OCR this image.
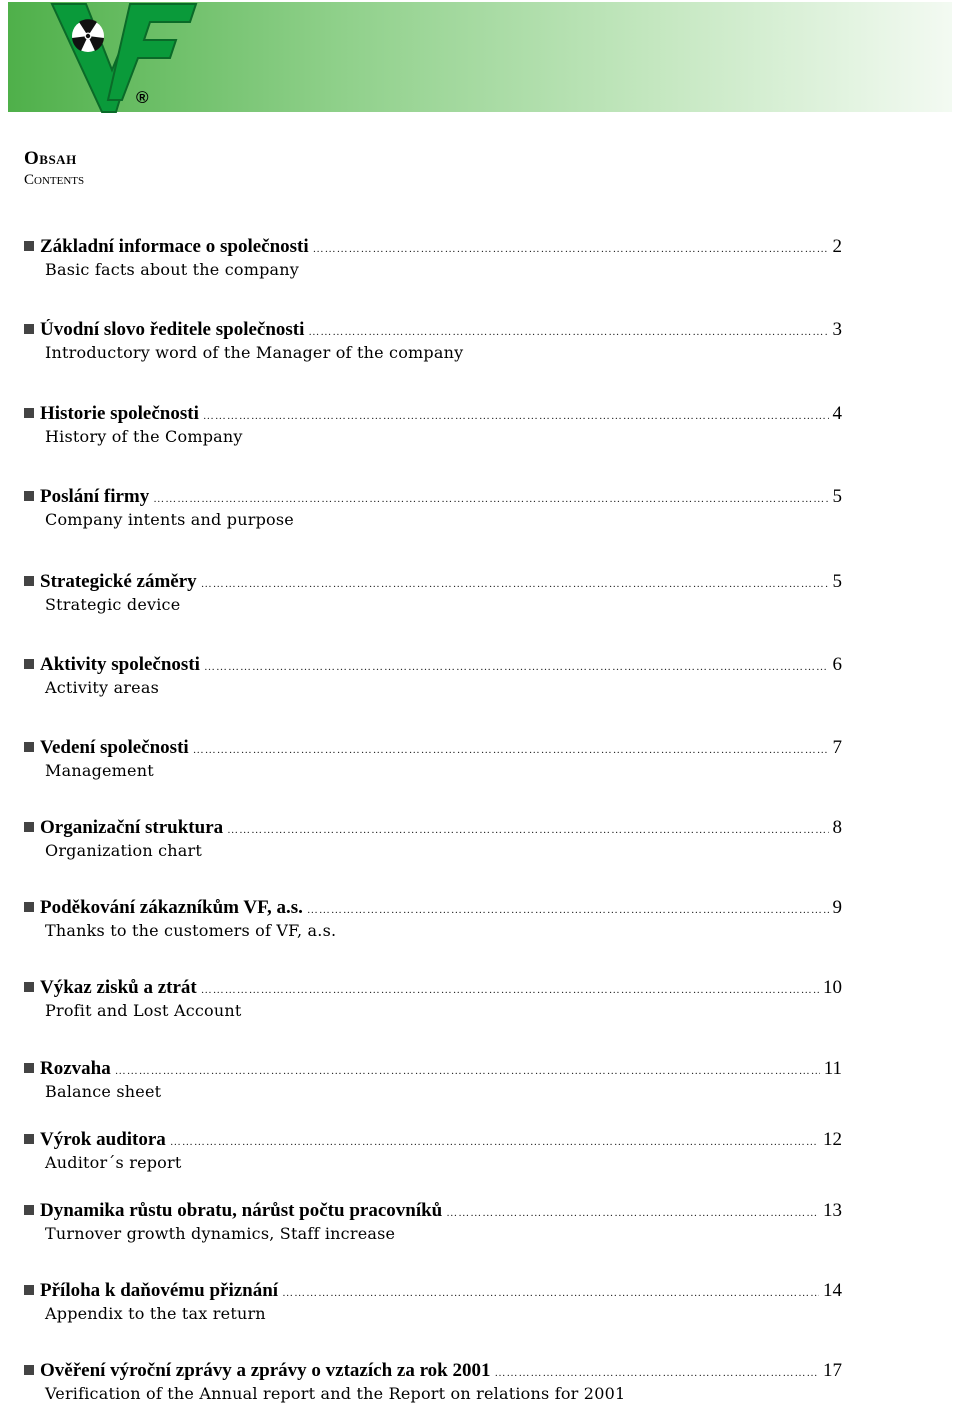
®
Obsah
Contents
Základní informace o společnosti …………………………………………………………………………………………………………………………………………………………………………………………………………………	2
Basic facts about the company
Úvodní slovo ředitele společnosti …………………………………………………………………………………………………………………………………………………………………………………………………………………	3
Introductory word of the Manager of the company
Historie společnosti …………………………………………………………………………………………………………………………………………………………………………………………………………………	4
History of the Company
Poslání firmy …………………………………………………………………………………………………………………………………………………………………………………………………………………	5
Company intents and purpose
Strategické záměry …………………………………………………………………………………………………………………………………………………………………………………………………………………	5
Strategic device
Aktivity společnosti …………………………………………………………………………………………………………………………………………………………………………………………………………………	6
Activity areas
Vedení společnosti …………………………………………………………………………………………………………………………………………………………………………………………………………………	7
Management
Organizační struktura …………………………………………………………………………………………………………………………………………………………………………………………………………………	8
Organization chart
Poděkování zákazníkům VF, a.s. …………………………………………………………………………………………………………………………………………………………………………………………………………………	9
Thanks to the customers of VF, a.s.
Výkaz zisků a ztrát …………………………………………………………………………………………………………………………………………………………………………………………………………………	10
Profit and Lost Account
Rozvaha …………………………………………………………………………………………………………………………………………………………………………………………………………………	11
Balance sheet
Výrok auditora …………………………………………………………………………………………………………………………………………………………………………………………………………………	12
Auditor´s report
Dynamika růstu obratu, nárůst počtu pracovníků …………………………………………………………………………………………………………………………………………………………………………………………………………………	13
Turnover growth dynamics, Staff increase
Příloha k daňovému přiznání …………………………………………………………………………………………………………………………………………………………………………………………………………………	14
Appendix to the tax return
Ověření výroční zprávy a zprávy o vztazích za rok 2001 …………………………………………………………………………………………………………………………………………………………………………………………………………………	17
Verification of the Annual report and the Report on relations for 2001
